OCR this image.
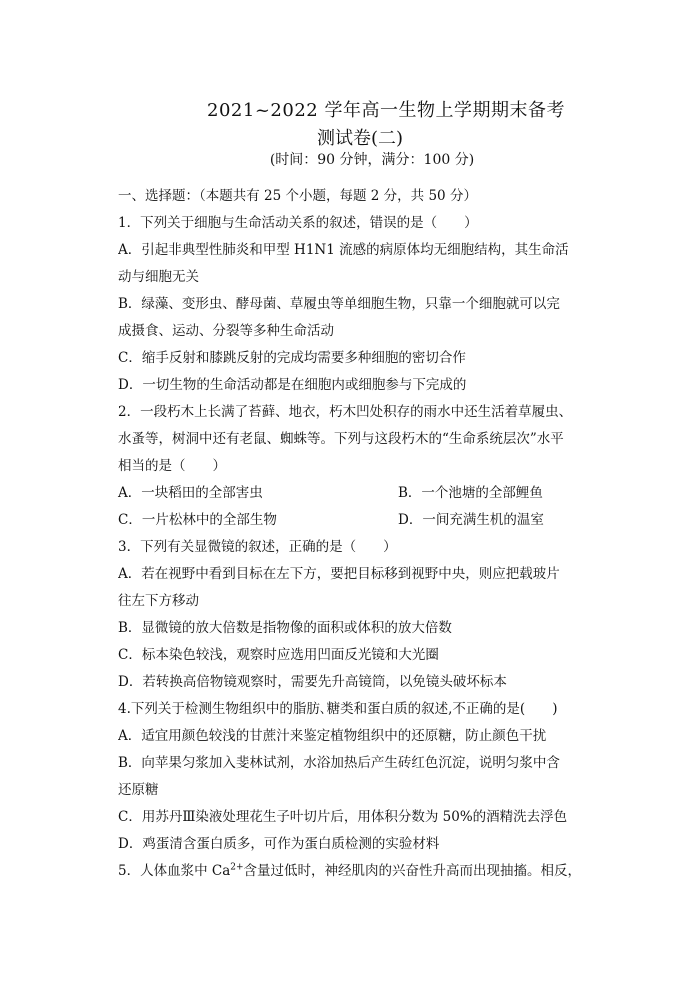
2021~2022 学年高一生物上学期期末备考
测试卷(二)
(时间：90 分钟，满分：100 分)
一、选择题：（本题共有 25 个小题，每题 2 分，共 50 分）
1．下列关于细胞与生命活动关系的叙述，错误的是（　　）
A．引起非典型性肺炎和甲型 H1N1 流感的病原体均无细胞结构，其生命活
动与细胞无关
B．绿藻、变形虫、酵母菌、草履虫等单细胞生物，只靠一个细胞就可以完
成摄食、运动、分裂等多种生命活动
C．缩手反射和膝跳反射的完成均需要多种细胞的密切合作
D．一切生物的生命活动都是在细胞内或细胞参与下完成的
2．一段朽木上长满了苔藓、地衣，朽木凹处积存的雨水中还生活着草履虫、
水蚤等，树洞中还有老鼠、蜘蛛等。下列与这段朽木的“生命系统层次”水平
相当的是（　　）
A．一块稻田的全部害虫	B．一个池塘的全部鲤鱼
C．一片松林中的全部生物	D．一间充满生机的温室
3．下列有关显微镜的叙述，正确的是（　　）
A．若在视野中看到目标在左下方，要把目标移到视野中央，则应把载玻片
往左下方移动
B．显微镜的放大倍数是指物像的面积或体积的放大倍数
C．标本染色较浅，观察时应选用凹面反光镜和大光圈
D．若转换高倍物镜观察时，需要先升高镜筒，以免镜头破坏标本
4.下列关于检测生物组织中的脂肪､糖类和蛋白质的叙述,不正确的是(　　)
A．适宜用颜色较浅的甘蔗汁来鉴定植物组织中的还原糖，防止颜色干扰
B．向苹果匀浆加入斐林试剂，水浴加热后产生砖红色沉淀，说明匀浆中含
还原糖
C．用苏丹Ⅲ染液处理花生子叶切片后，用体积分数为 50%的酒精洗去浮色
D．鸡蛋清含蛋白质多，可作为蛋白质检测的实验材料
5．人体血浆中 $Ca^{2+}$含量过低时，神经肌肉的兴奋性升高而出现抽搐。相反，
